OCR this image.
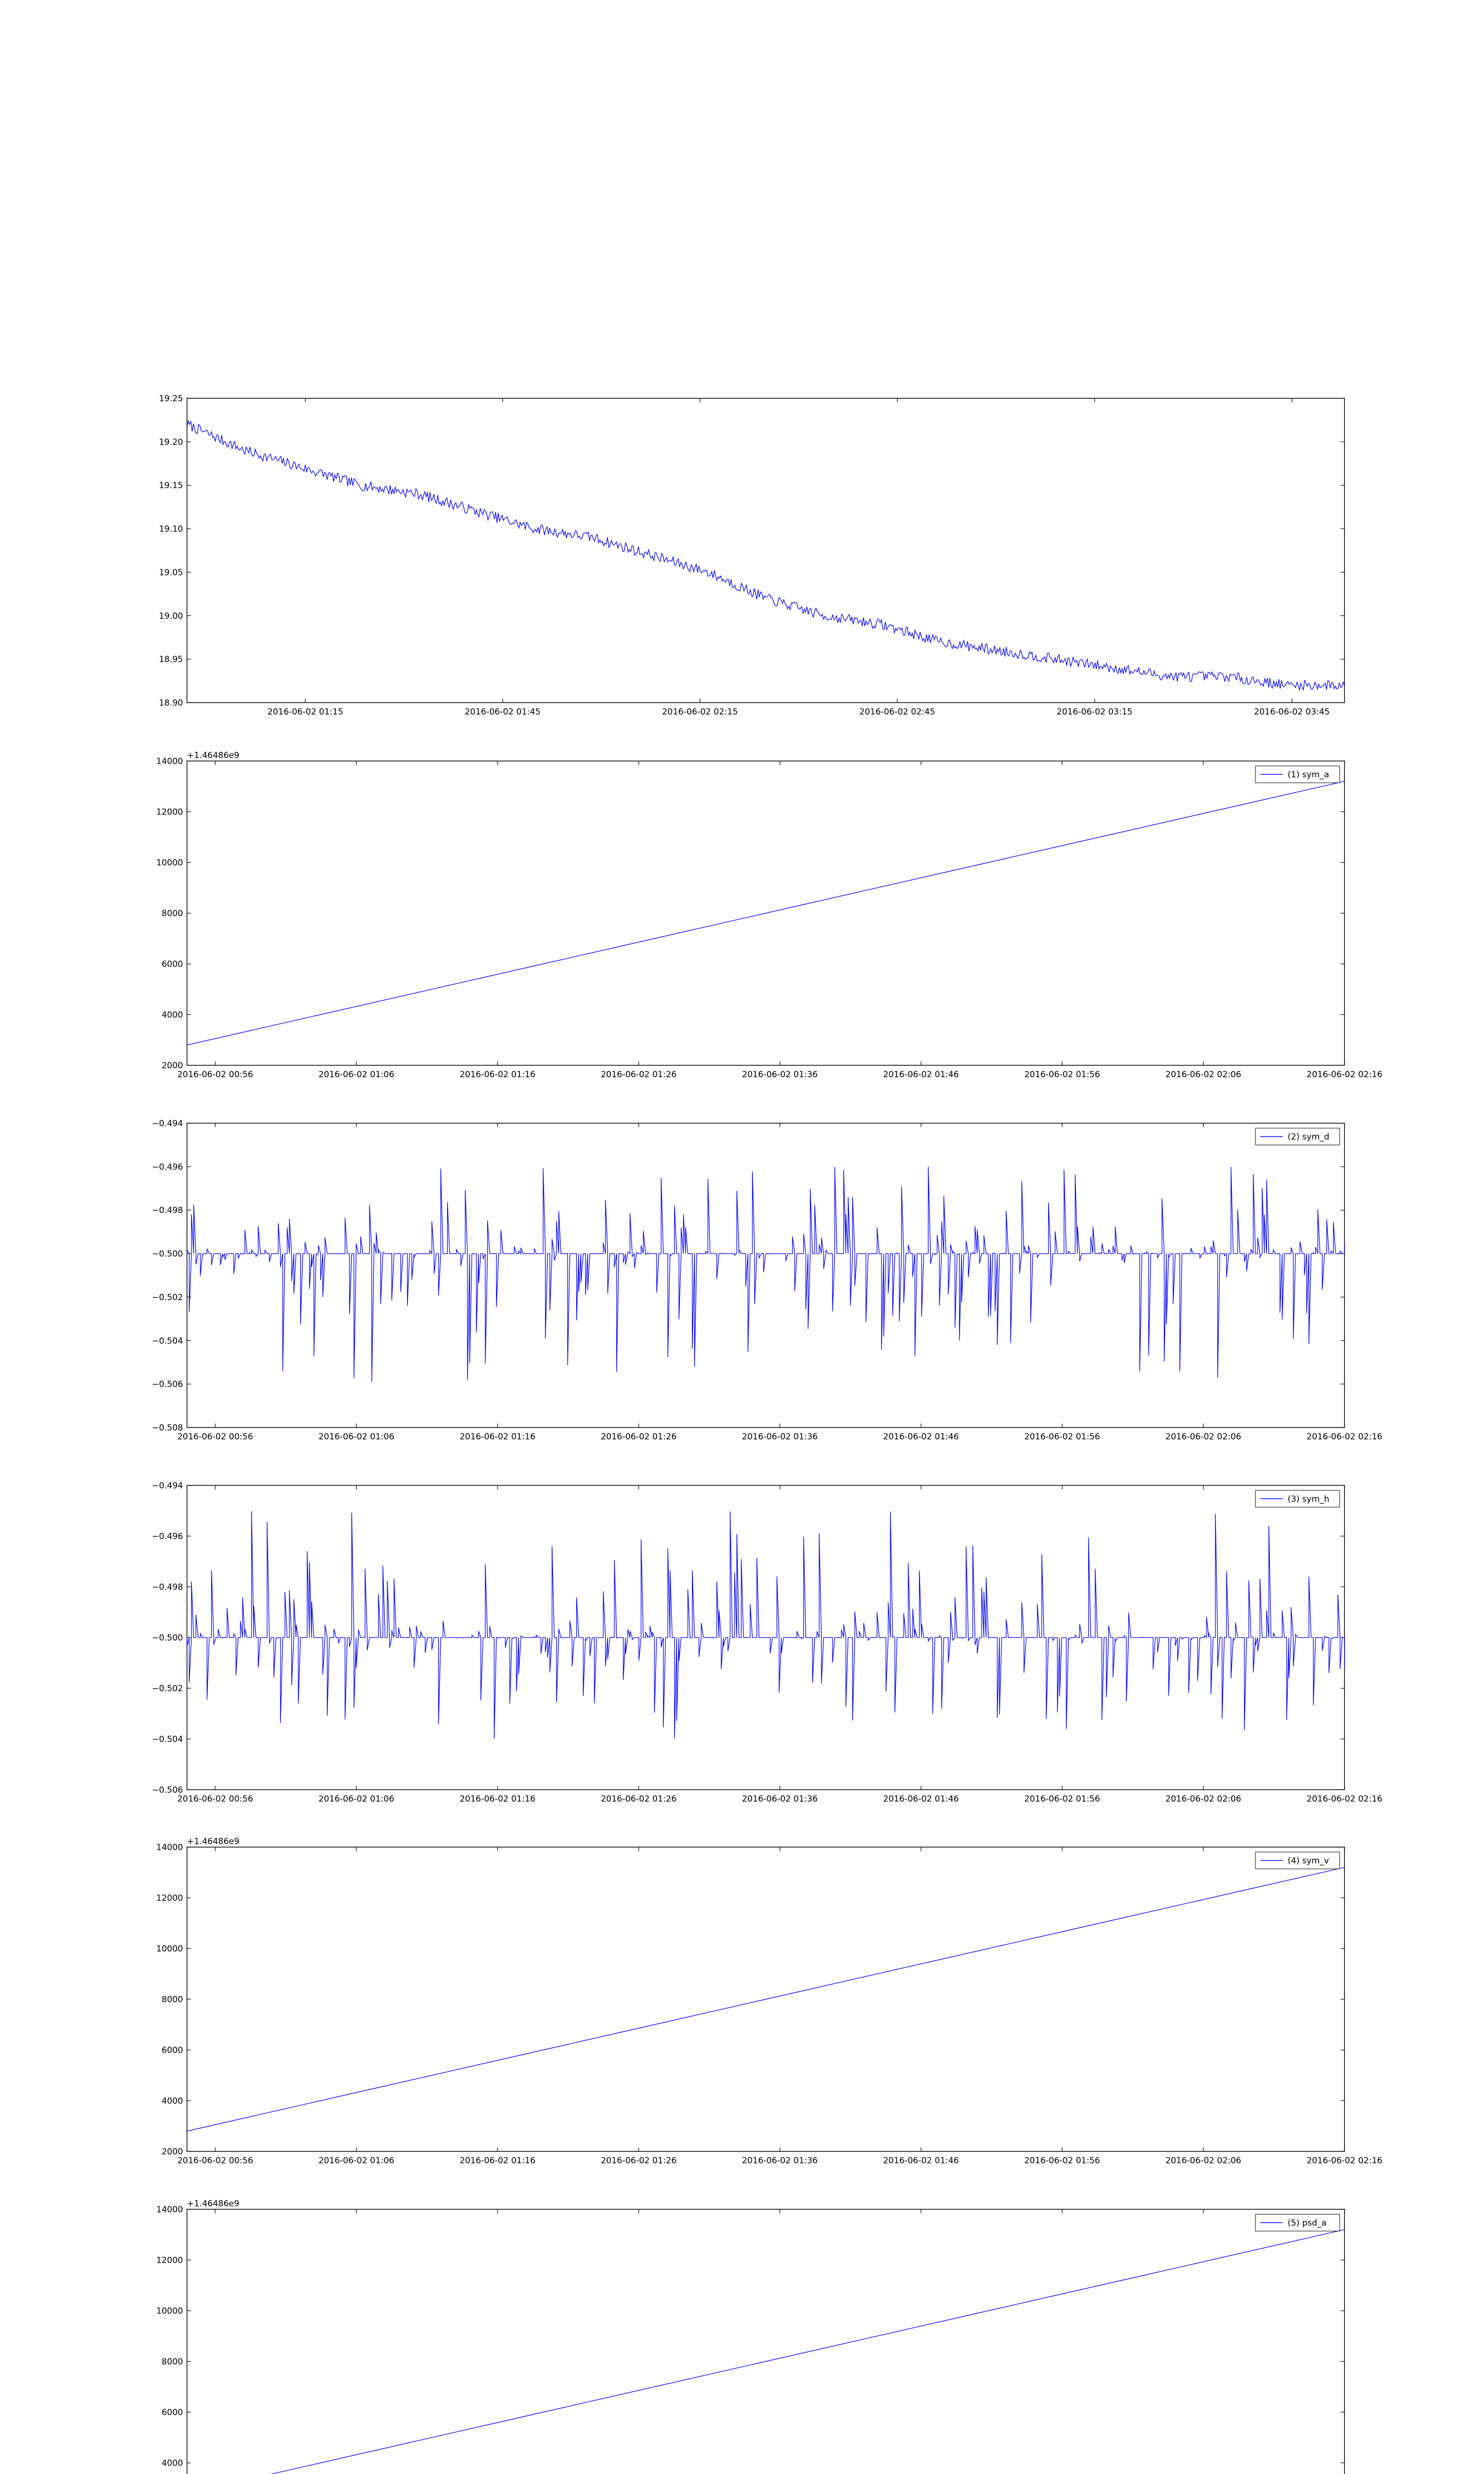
18.90
18.95
19.00
19.05
19.10
19.15
19.20
19.25
2016-06-02 01:15	2016-06-02 01:45	2016-06-02 02:15	2016-06-02 02:45	2016-06-02 03:15	2016-06-02 03:45
2000
4000
6000
8000
10000
12000
14000
2016-06-02 00:56	2016-06-02 01:06	2016-06-02 01:16	2016-06-02 01:26	2016-06-02 01:36	2016-06-02 01:46	2016-06-02 01:56	2016-06-02 02:06	2016-06-02 02:16
+1.46486e9
(1) sym_a
−0.508
−0.506
−0.504
−0.502
−0.500
−0.498
−0.496
−0.494
2016-06-02 00:56	2016-06-02 01:06	2016-06-02 01:16	2016-06-02 01:26	2016-06-02 01:36	2016-06-02 01:46	2016-06-02 01:56	2016-06-02 02:06	2016-06-02 02:16
(2) sym_d
−0.506
−0.504
−0.502
−0.500
−0.498
−0.496
−0.494
2016-06-02 00:56	2016-06-02 01:06	2016-06-02 01:16	2016-06-02 01:26	2016-06-02 01:36	2016-06-02 01:46	2016-06-02 01:56	2016-06-02 02:06	2016-06-02 02:16
(3) sym_h
2000
4000
6000
8000
10000
12000
14000
2016-06-02 00:56	2016-06-02 01:06	2016-06-02 01:16	2016-06-02 01:26	2016-06-02 01:36	2016-06-02 01:46	2016-06-02 01:56	2016-06-02 02:06	2016-06-02 02:16
+1.46486e9
(4) sym_v
4000
6000
8000
10000
12000
14000
+1.46486e9
(5) psd_a
